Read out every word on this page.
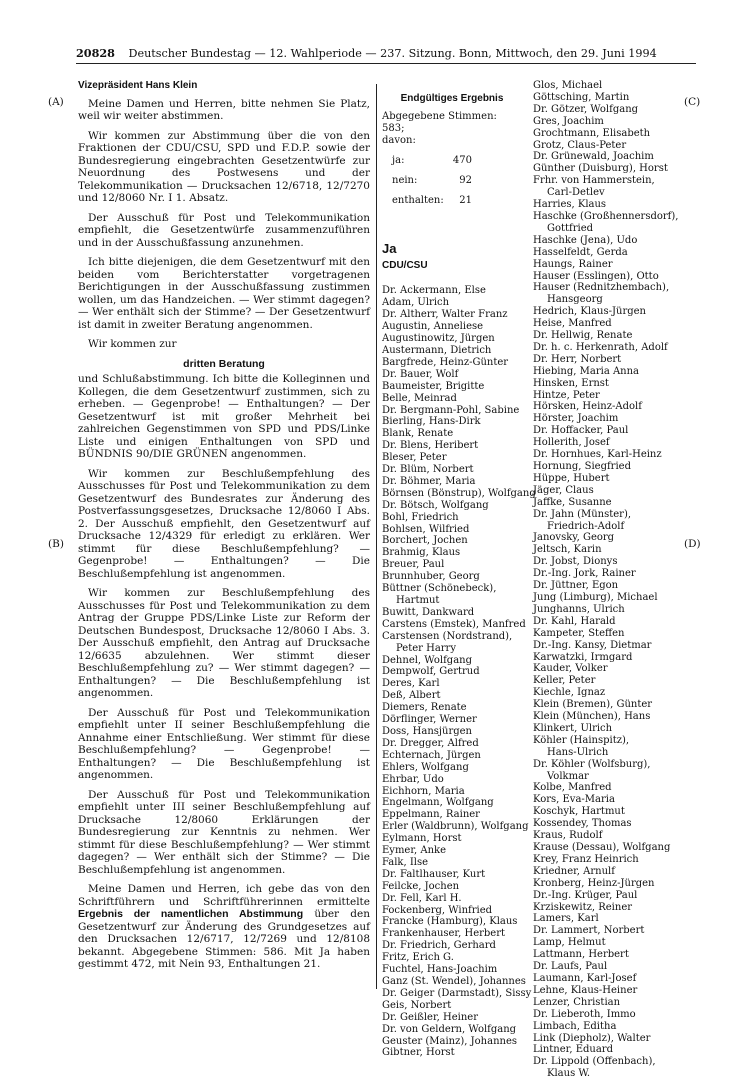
20828 Deutscher Bundestag — 12. Wahlperiode — 237. Sitzung. Bonn, Mittwoch, den 29. Juni 1994
(A)
(B)
(C)
(D)
Vizepräsident Hans Klein

Meine Damen und Herren, bitte nehmen Sie Platz, weil wir weiter abstimmen.

Wir kommen zur Abstimmung über die von den Fraktionen der CDU/CSU, SPD und F.D.P. sowie der Bundesregierung eingebrachten Gesetzentwürfe zur Neuordnung des Postwesens und der Telekommunikation — Drucksachen 12/6718, 12/7270 und 12/8060 Nr. I 1. Absatz.

Der Ausschuß für Post und Telekommunikation empfiehlt, die Gesetzentwürfe zusammenzuführen und in der Ausschußfassung anzunehmen.

Ich bitte diejenigen, die dem Gesetzentwurf mit den beiden vom Berichterstatter vorgetragenen Berichtigungen in der Ausschußfassung zustimmen wollen, um das Handzeichen. — Wer stimmt dagegen? — Wer enthält sich der Stimme? — Der Gesetzentwurf ist damit in zweiter Beratung angenommen.

Wir kommen zur

dritten Beratung

und Schlußabstimmung. Ich bitte die Kolleginnen und Kollegen, die dem Gesetzentwurf zustimmen, sich zu erheben. — Gegenprobe! — Enthaltungen? — Der Gesetzentwurf ist mit großer Mehrheit bei zahlreichen Gegenstimmen von SPD und PDS/Linke Liste und einigen Enthaltungen von SPD und BÜNDNIS 90/DIE GRÜNEN angenommen.

Wir kommen zur Beschlußempfehlung des Ausschusses für Post und Telekommunikation zu dem Gesetzentwurf des Bundesrates zur Änderung des Postverfassungsgesetzes, Drucksache 12/8060 I Abs. 2. Der Ausschuß empfiehlt, den Gesetzentwurf auf Drucksache 12/4329 für erledigt zu erklären. Wer stimmt für diese Beschlußempfehlung? — Gegenprobe! — Enthaltungen? — Die Beschlußempfehlung ist angenommen.

Wir kommen zur Beschlußempfehlung des Ausschusses für Post und Telekommunikation zu dem Antrag der Gruppe PDS/Linke Liste zur Reform der Deutschen Bundespost, Drucksache 12/8060 I Abs. 3. Der Ausschuß empfiehlt, den Antrag auf Drucksache 12/6635 abzulehnen. Wer stimmt dieser Beschlußempfehlung zu? — Wer stimmt dagegen? — Enthaltungen? — Die Beschlußempfehlung ist angenommen.

Der Ausschuß für Post und Telekommunikation empfiehlt unter II seiner Beschlußempfehlung die Annahme einer Entschließung. Wer stimmt für diese Beschlußempfehlung? — Gegenprobe! — Enthaltungen? — Die Beschlußempfehlung ist angenommen.

Der Ausschuß für Post und Telekommunikation empfiehlt unter III seiner Beschlußempfehlung auf Drucksache 12/8060 Erklärungen der Bundesregierung zur Kenntnis zu nehmen. Wer stimmt für diese Beschlußempfehlung? — Wer stimmt dagegen? — Wer enthält sich der Stimme? — Die Beschlußempfehlung ist angenommen.

Meine Damen und Herren, ich gebe das von den Schriftführern und Schriftführerinnen ermittelte Ergebnis der namentlichen Abstimmung über den Gesetzentwurf zur Änderung des Grundgesetzes auf den Drucksachen 12/6717, 12/7269 und 12/8108 bekannt. Abgegebene Stimmen: 586. Mit Ja haben gestimmt 472, mit Nein 93, Enthaltungen 21.

Endgültiges Ergebnis
Abgegebene Stimmen: 583;
davon:
ja:	470
nein:	92
enthalten:	21
Ja
CDU/CSU
Dr. Ackermann, Else
Adam, Ulrich
Dr. Altherr, Walter Franz
Augustin, Anneliese
Augustinowitz, Jürgen
Austermann, Dietrich
Bargfrede, Heinz-Günter
Dr. Bauer, Wolf
Baumeister, Brigitte
Belle, Meinrad
Dr. Bergmann-Pohl, Sabine
Bierling, Hans-Dirk
Blank, Renate
Dr. Blens, Heribert
Bleser, Peter
Dr. Blüm, Norbert
Dr. Böhmer, Maria
Börnsen (Bönstrup), Wolfgang
Dr. Bötsch, Wolfgang
Bohl, Friedrich
Bohlsen, Wilfried
Borchert, Jochen
Brahmig, Klaus
Breuer, Paul
Brunnhuber, Georg
Büttner (Schönebeck),
Hartmut
Buwitt, Dankward
Carstens (Emstek), Manfred
Carstensen (Nordstrand),
Peter Harry
Dehnel, Wolfgang
Dempwolf, Gertrud
Deres, Karl
Deß, Albert
Diemers, Renate
Dörflinger, Werner
Doss, Hansjürgen
Dr. Dregger, Alfred
Echternach, Jürgen
Ehlers, Wolfgang
Ehrbar, Udo
Eichhorn, Maria
Engelmann, Wolfgang
Eppelmann, Rainer
Erler (Waldbrunn), Wolfgang
Eylmann, Horst
Eymer, Anke
Falk, Ilse
Dr. Faltlhauser, Kurt
Feilcke, Jochen
Dr. Fell, Karl H.
Fockenberg, Winfried
Francke (Hamburg), Klaus
Frankenhauser, Herbert
Dr. Friedrich, Gerhard
Fritz, Erich G.
Fuchtel, Hans-Joachim
Ganz (St. Wendel), Johannes
Dr. Geiger (Darmstadt), Sissy
Geis, Norbert
Dr. Geißler, Heiner
Dr. von Geldern, Wolfgang
Geuster (Mainz), Johannes
Gibtner, Horst
Glos, Michael
Göttsching, Martin
Dr. Götzer, Wolfgang
Gres, Joachim
Grochtmann, Elisabeth
Grotz, Claus-Peter
Dr. Grünewald, Joachim
Günther (Duisburg), Horst
Frhr. von Hammerstein,
Carl-Detlev
Harries, Klaus
Haschke (Großhennersdorf),
Gottfried
Haschke (Jena), Udo
Hasselfeldt, Gerda
Haungs, Rainer
Hauser (Esslingen), Otto
Hauser (Rednitzhembach),
Hansgeorg
Hedrich, Klaus-Jürgen
Heise, Manfred
Dr. Hellwig, Renate
Dr. h. c. Herkenrath, Adolf
Dr. Herr, Norbert
Hiebing, Maria Anna
Hinsken, Ernst
Hintze, Peter
Hörsken, Heinz-Adolf
Hörster, Joachim
Dr. Hoffacker, Paul
Hollerith, Josef
Dr. Hornhues, Karl-Heinz
Hornung, Siegfried
Hüppe, Hubert
Jäger, Claus
Jaffke, Susanne
Dr. Jahn (Münster),
Friedrich-Adolf
Janovsky, Georg
Jeltsch, Karin
Dr. Jobst, Dionys
Dr.-Ing. Jork, Rainer
Dr. Jüttner, Egon
Jung (Limburg), Michael
Junghanns, Ulrich
Dr. Kahl, Harald
Kampeter, Steffen
Dr.-Ing. Kansy, Dietmar
Karwatzki, Irmgard
Kauder, Volker
Keller, Peter
Kiechle, Ignaz
Klein (Bremen), Günter
Klein (München), Hans
Klinkert, Ulrich
Köhler (Hainspitz),
Hans-Ulrich
Dr. Köhler (Wolfsburg),
Volkmar
Kolbe, Manfred
Kors, Eva-Maria
Koschyk, Hartmut
Kossendey, Thomas
Kraus, Rudolf
Krause (Dessau), Wolfgang
Krey, Franz Heinrich
Kriedner, Arnulf
Kronberg, Heinz-Jürgen
Dr.-Ing. Krüger, Paul
Krziskewitz, Reiner
Lamers, Karl
Dr. Lammert, Norbert
Lamp, Helmut
Lattmann, Herbert
Dr. Laufs, Paul
Laumann, Karl-Josef
Lehne, Klaus-Heiner
Lenzer, Christian
Dr. Lieberoth, Immo
Limbach, Editha
Link (Diepholz), Walter
Lintner, Eduard
Dr. Lippold (Offenbach),
Klaus W.
